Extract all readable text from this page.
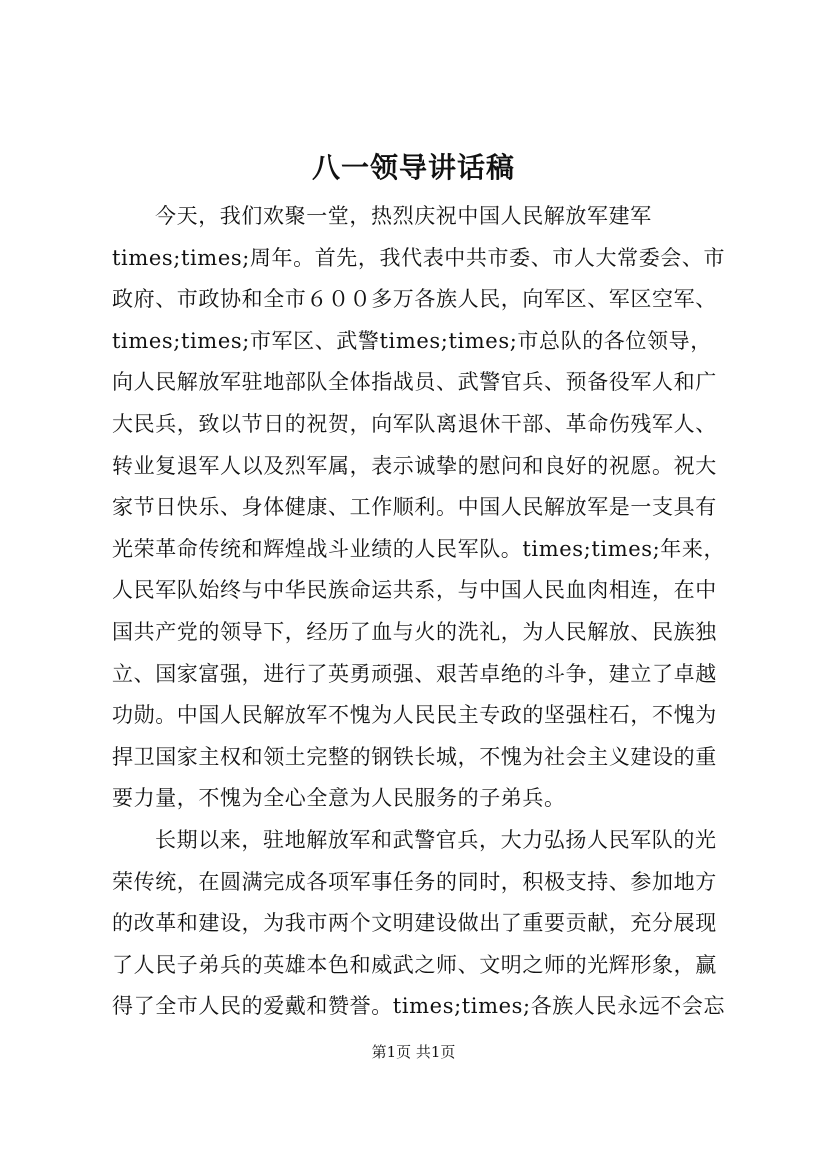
八一领导讲话稿
今天，我们欢聚一堂，热烈庆祝中国人民解放军建军
times;times;周年。首先，我代表中共市委、市人大常委会、市
政府、市政协和全市６００多万各族人民，向军区、军区空军、
times;times;市军区、武警times;times;市总队的各位领导，
向人民解放军驻地部队全体指战员、武警官兵、预备役军人和广
大民兵，致以节日的祝贺，向军队离退休干部、革命伤残军人、
转业复退军人以及烈军属，表示诚挚的慰问和良好的祝愿。祝大
家节日快乐、身体健康、工作顺利。中国人民解放军是一支具有
光荣革命传统和辉煌战斗业绩的人民军队。times;times;年来，
人民军队始终与中华民族命运共系，与中国人民血肉相连，在中
国共产党的领导下，经历了血与火的洗礼，为人民解放、民族独
立、国家富强，进行了英勇顽强、艰苦卓绝的斗争，建立了卓越
功勋。中国人民解放军不愧为人民民主专政的坚强柱石，不愧为
捍卫国家主权和领土完整的钢铁长城，不愧为社会主义建设的重
要力量，不愧为全心全意为人民服务的子弟兵。
长期以来，驻地解放军和武警官兵，大力弘扬人民军队的光
荣传统，在圆满完成各项军事任务的同时，积极支持、参加地方
的改革和建设，为我市两个文明建设做出了重要贡献，充分展现
了人民子弟兵的英雄本色和威武之师、文明之师的光辉形象，赢
得了全市人民的爱戴和赞誉。times;times;各族人民永远不会忘
第1页 共1页
